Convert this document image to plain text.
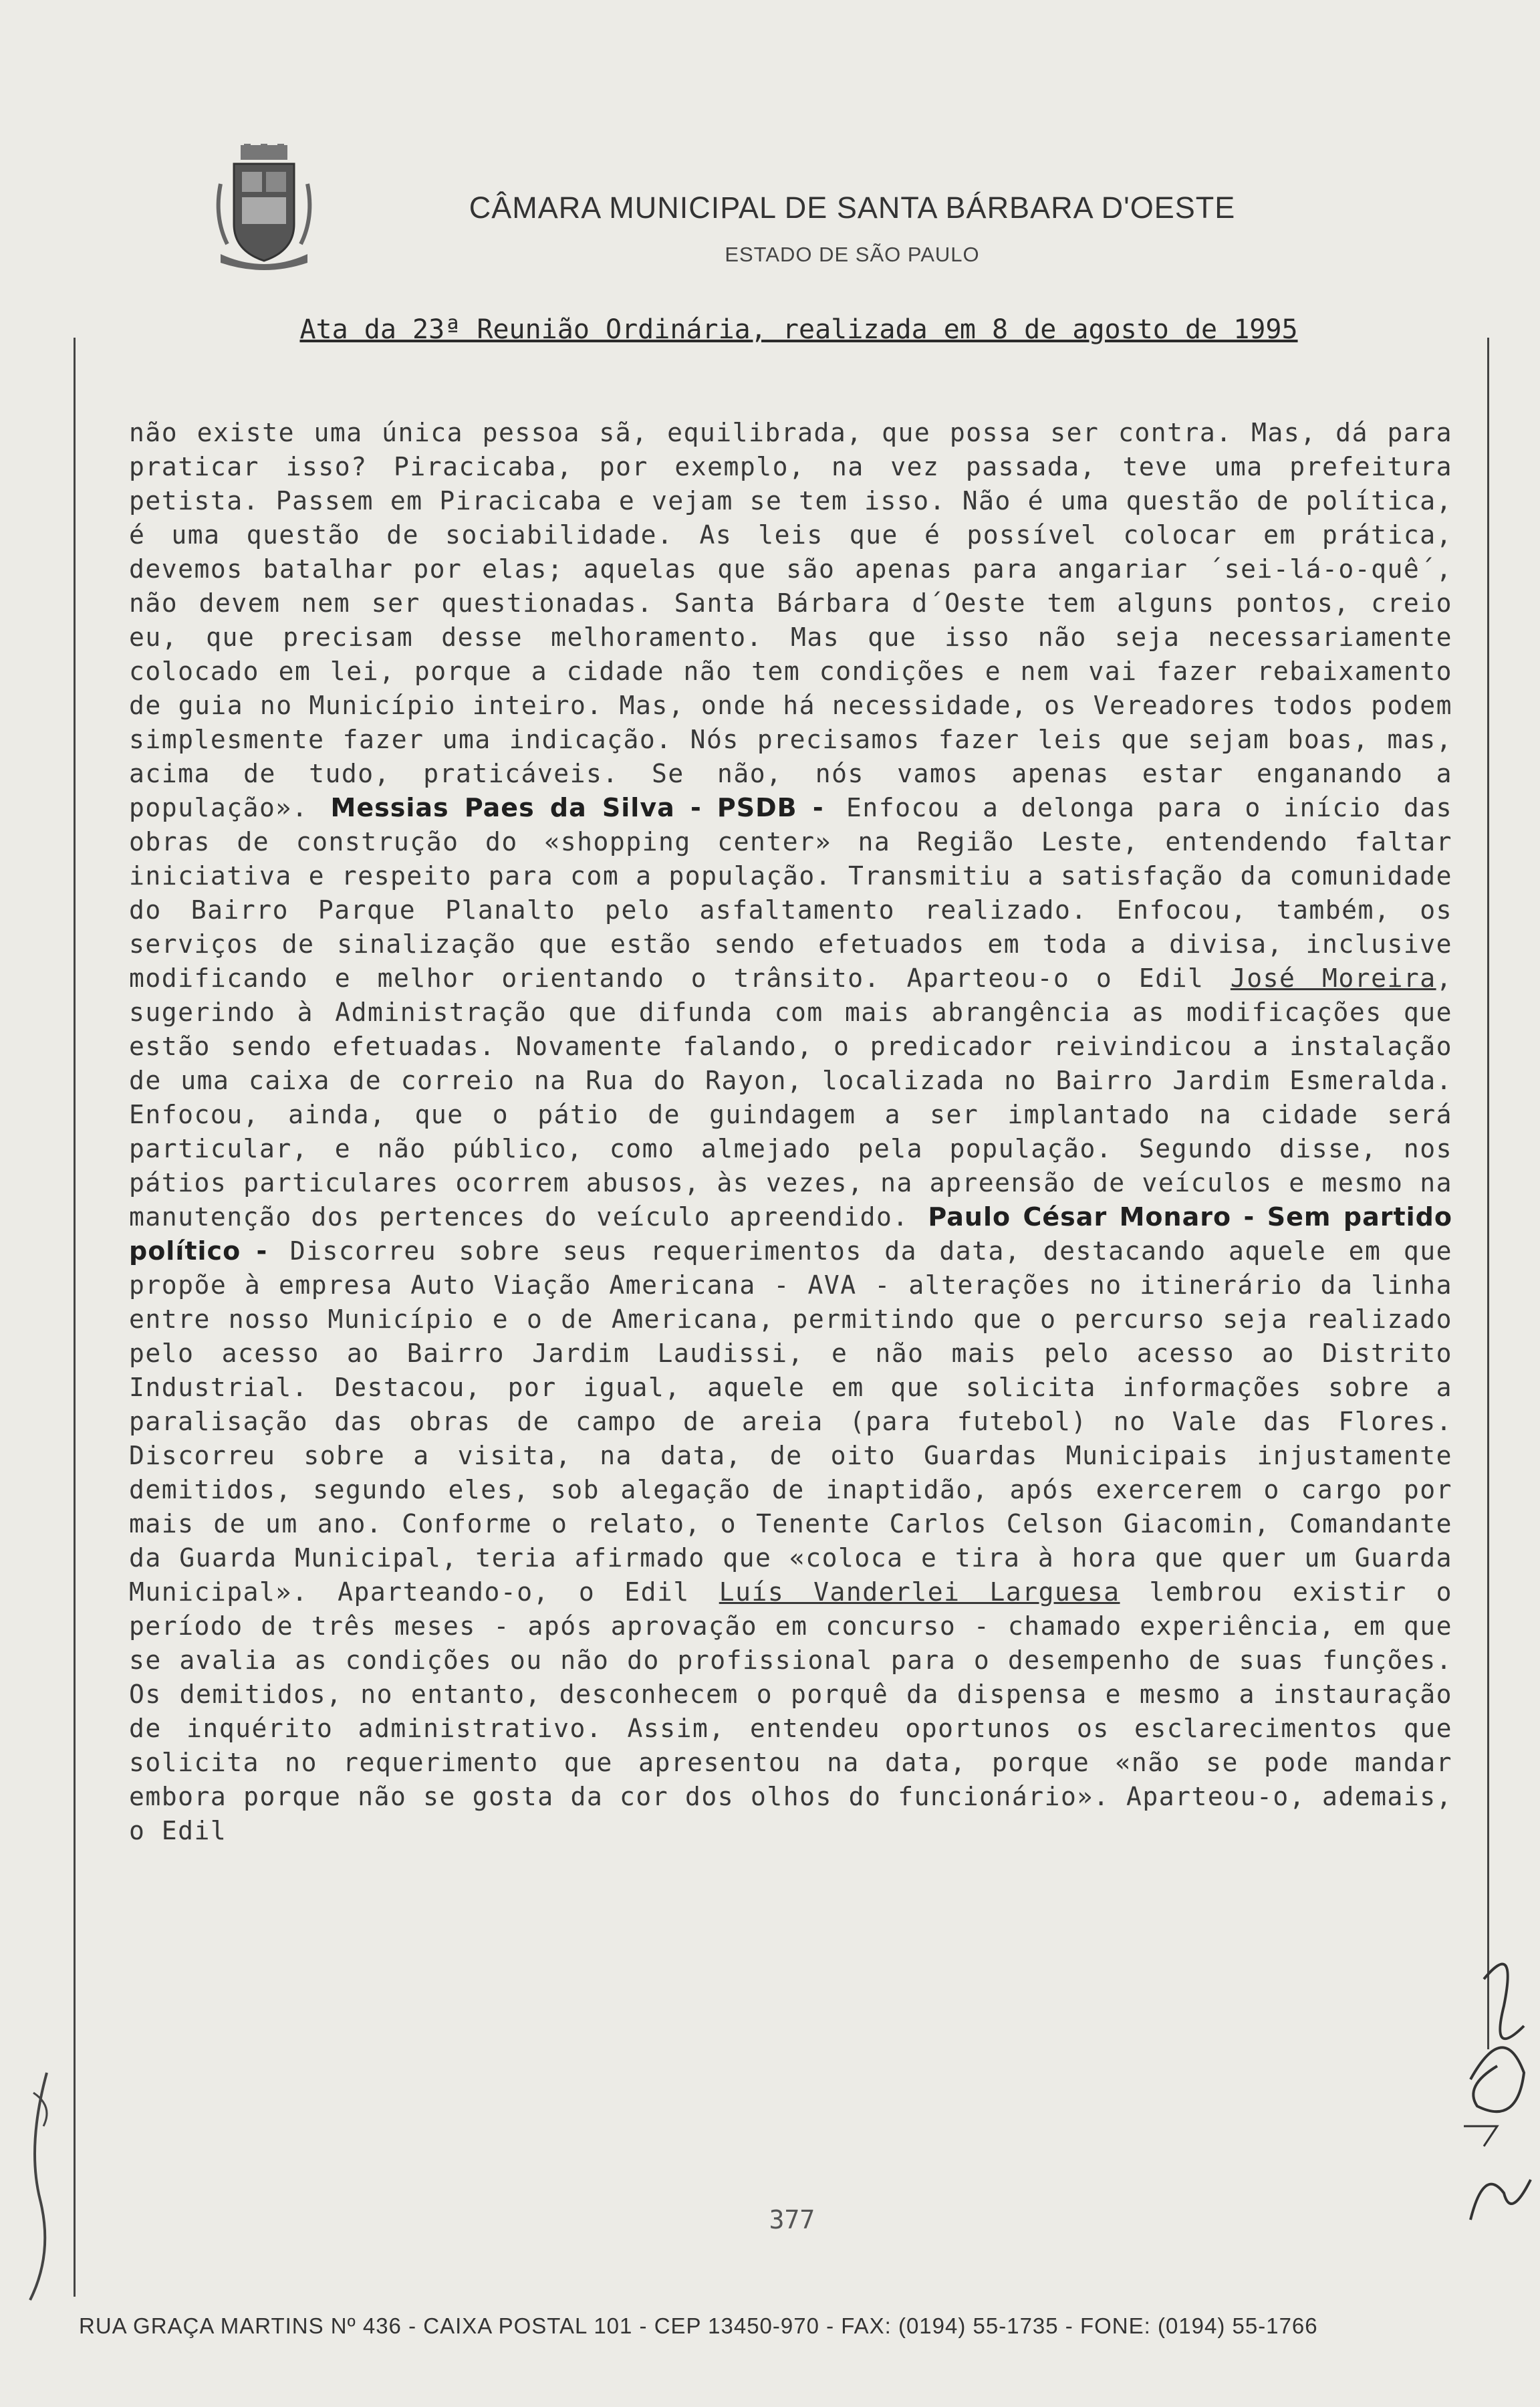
CÂMARA MUNICIPAL DE SANTA BÁRBARA D'OESTE
ESTADO DE SÃO PAULO
Ata da 23ª Reunião Ordinária, realizada em 8 de agosto de 1995

não existe uma única pessoa sã, equilibrada, que possa ser contra. Mas, dá para praticar isso? Piracicaba, por exemplo, na vez passada, teve uma prefeitura petista. Passem em Piracicaba e vejam se tem isso. Não é uma questão de política, é uma questão de sociabilidade. As leis que é possível colocar em prática, devemos batalhar por elas; aquelas que são apenas para angariar ´sei-lá-o-quê´, não devem nem ser questionadas. Santa Bárbara d´Oeste tem alguns pontos, creio eu, que precisam desse melhoramento. Mas que isso não seja necessariamente colocado em lei, porque a cidade não tem condições e nem vai fazer rebaixamento de guia no Município inteiro. Mas, onde há necessidade, os Vereadores todos podem simplesmente fazer uma indicação. Nós precisamos fazer leis que sejam boas, mas, acima de tudo, praticáveis. Se não, nós vamos apenas estar enganando a população». Messias Paes da Silva - PSDB - Enfocou a delonga para o início das obras de construção do «shopping center» na Região Leste, entendendo faltar iniciativa e respeito para com a população. Transmitiu a satisfação da comunidade do Bairro Parque Planalto pelo asfaltamento realizado. Enfocou, também, os serviços de sinalização que estão sendo efetuados em toda a divisa, inclusive modificando e melhor orientando o trânsito. Aparteou-o o Edil José Moreira, sugerindo à Administração que difunda com mais abrangência as modificações que estão sendo efetuadas. Novamente falando, o predicador reivindicou a instalação de uma caixa de correio na Rua do Rayon, localizada no Bairro Jardim Esmeralda. Enfocou, ainda, que o pátio de guindagem a ser implantado na cidade será particular, e não público, como almejado pela população. Segundo disse, nos pátios particulares ocorrem abusos, às vezes, na apreensão de veículos e mesmo na manutenção dos pertences do veículo apreendido. Paulo César Monaro - Sem partido político - Discorreu sobre seus requerimentos da data, destacando aquele em que propõe à empresa Auto Viação Americana - AVA - alterações no itinerário da linha entre nosso Município e o de Americana, permitindo que o percurso seja realizado pelo acesso ao Bairro Jardim Laudissi, e não mais pelo acesso ao Distrito Industrial. Destacou, por igual, aquele em que solicita informações sobre a paralisação das obras de campo de areia (para futebol) no Vale das Flores. Discorreu sobre a visita, na data, de oito Guardas Municipais injustamente demitidos, segundo eles, sob alegação de inaptidão, após exercerem o cargo por mais de um ano. Conforme o relato, o Tenente Carlos Celson Giacomin, Comandante da Guarda Municipal, teria afirmado que «coloca e tira à hora que quer um Guarda Municipal». Aparteando-o, o Edil Luís Vanderlei Larguesa lembrou existir o período de três meses - após aprovação em concurso - chamado experiência, em que se avalia as condições ou não do profissional para o desempenho de suas funções. Os demitidos, no entanto, desconhecem o porquê da dispensa e mesmo a instauração de inquérito administrativo. Assim, entendeu oportunos os esclarecimentos que solicita no requerimento que apresentou na data, porque «não se pode mandar embora porque não se gosta da cor dos olhos do funcionário». Aparteou-o, ademais, o Edil

377
RUA GRAÇA MARTINS Nº 436 - CAIXA POSTAL 101 - CEP 13450-970 - FAX: (0194) 55-1735 - FONE: (0194) 55-1766
